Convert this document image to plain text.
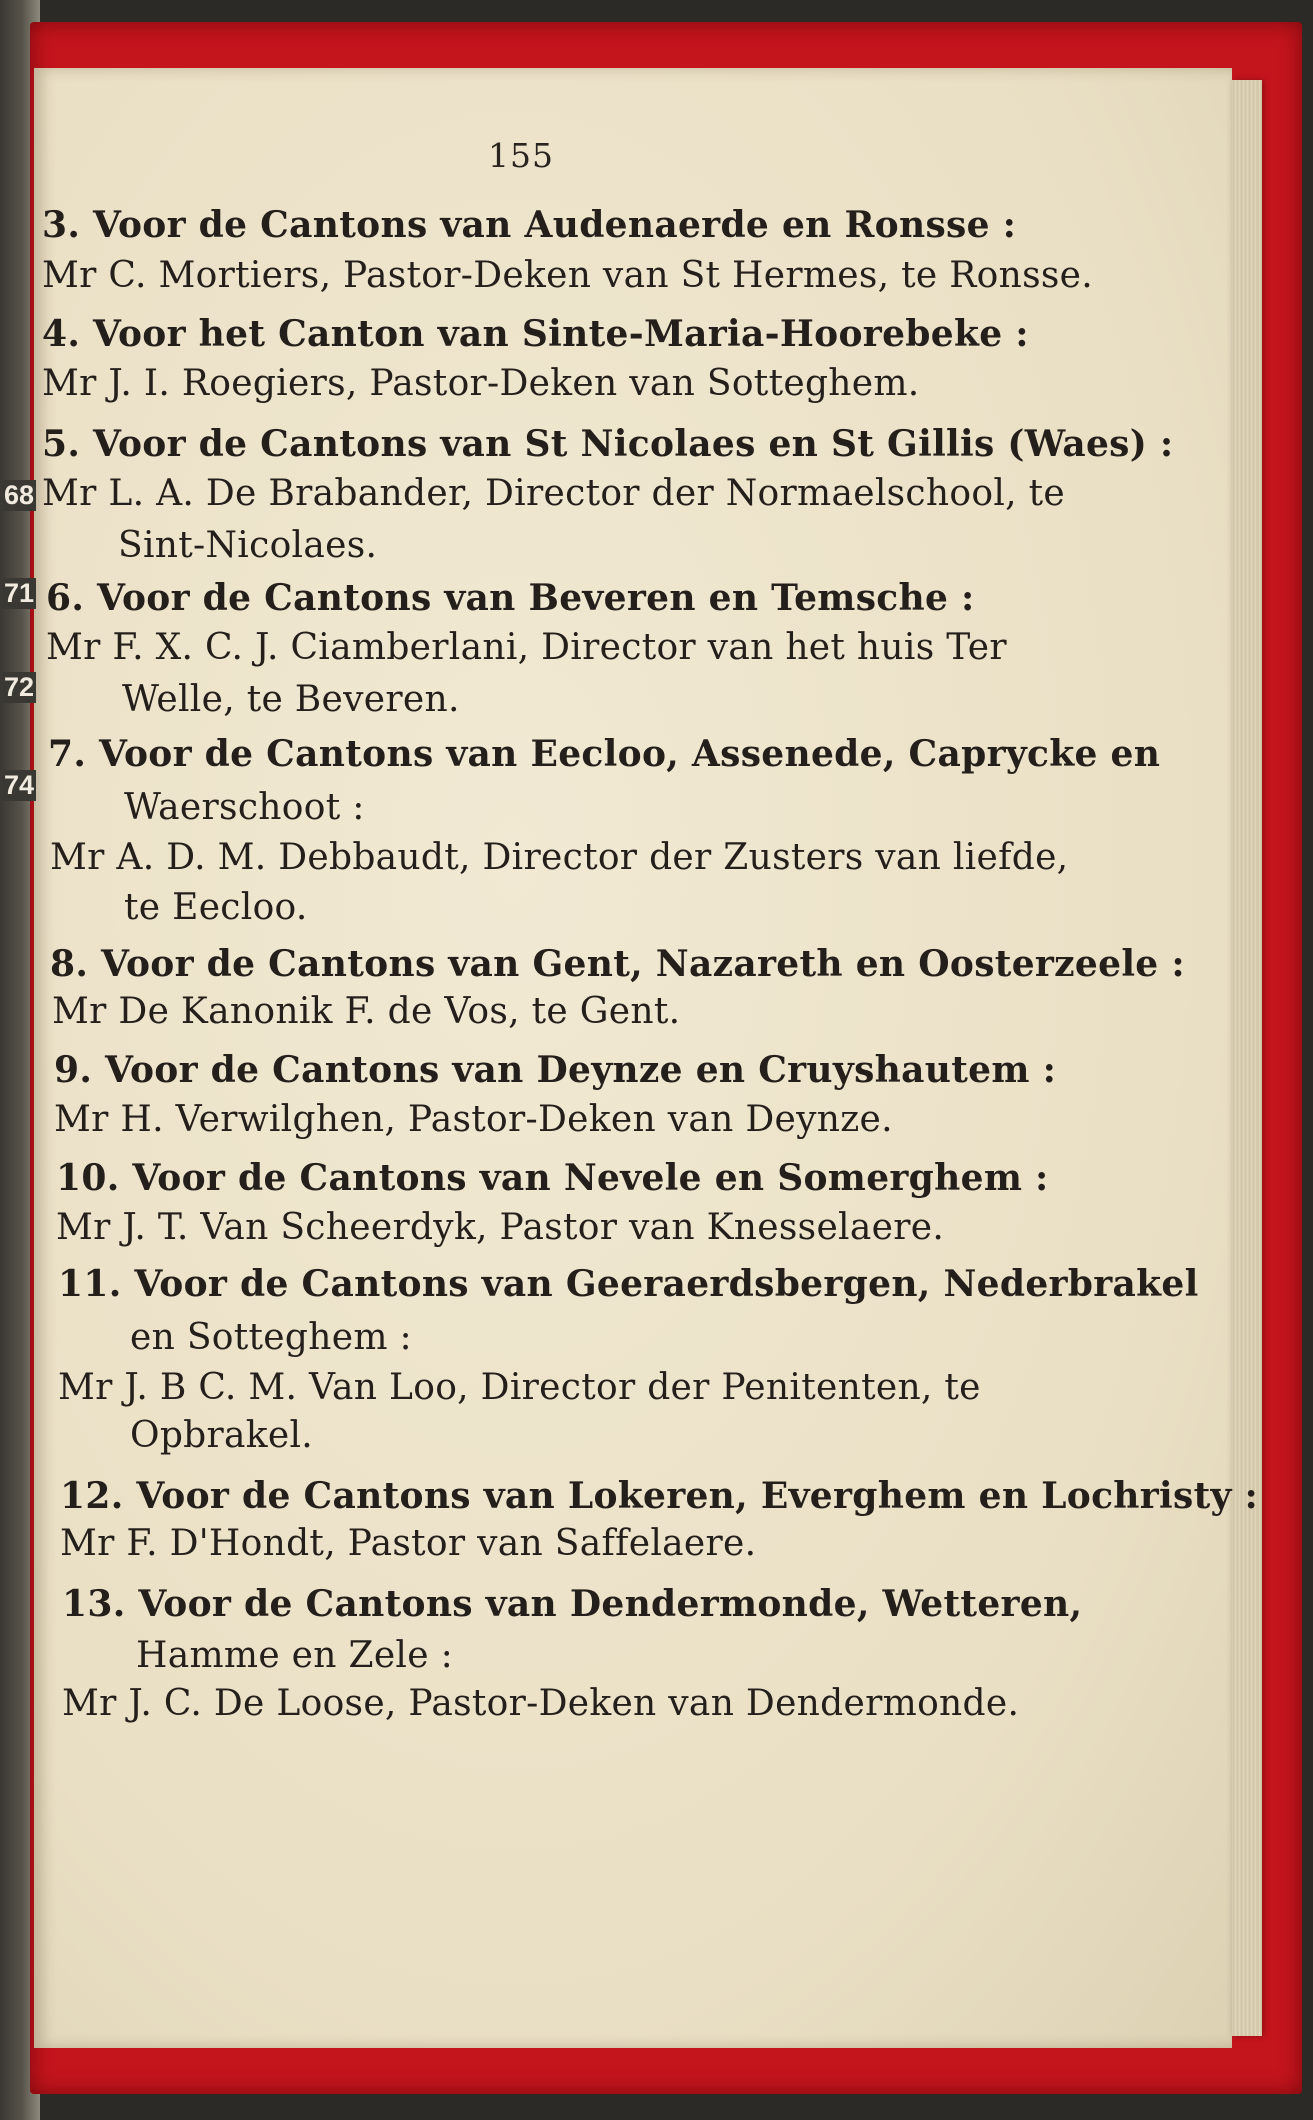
68
71
72
74
155
3. Voor de Cantons van Audenaerde en Ronsse :
Mr C. Mortiers, Pastor-Deken van St Hermes, te Ronsse.
4. Voor het Canton van Sinte-Maria-Hoorebeke :
Mr J. I. Roegiers, Pastor-Deken van Sotteghem.
5. Voor de Cantons van St Nicolaes en St Gillis (Waes) :
Mr L. A. De Brabander, Director der Normaelschool, te
Sint-Nicolaes.
6. Voor de Cantons van Beveren en Temsche :
Mr F. X. C. J. Ciamberlani, Director van het huis Ter
Welle, te Beveren.
7. Voor de Cantons van Eecloo, Assenede, Caprycke en
Waerschoot :
Mr A. D. M. Debbaudt, Director der Zusters van liefde,
te Eecloo.
8. Voor de Cantons van Gent, Nazareth en Oosterzeele :
Mr De Kanonik F. de Vos, te Gent.
9. Voor de Cantons van Deynze en Cruyshautem :
Mr H. Verwilghen, Pastor-Deken van Deynze.
10. Voor de Cantons van Nevele en Somerghem :
Mr J. T. Van Scheerdyk, Pastor van Knesselaere.
11. Voor de Cantons van Geeraerdsbergen, Nederbrakel
en Sotteghem :
Mr J. B C. M. Van Loo, Director der Penitenten, te
Opbrakel.
12. Voor de Cantons van Lokeren, Everghem en Lochristy :
Mr F. D'Hondt, Pastor van Saffelaere.
13. Voor de Cantons van Dendermonde, Wetteren,
Hamme en Zele :
Mr J. C. De Loose, Pastor-Deken van Dendermonde.
